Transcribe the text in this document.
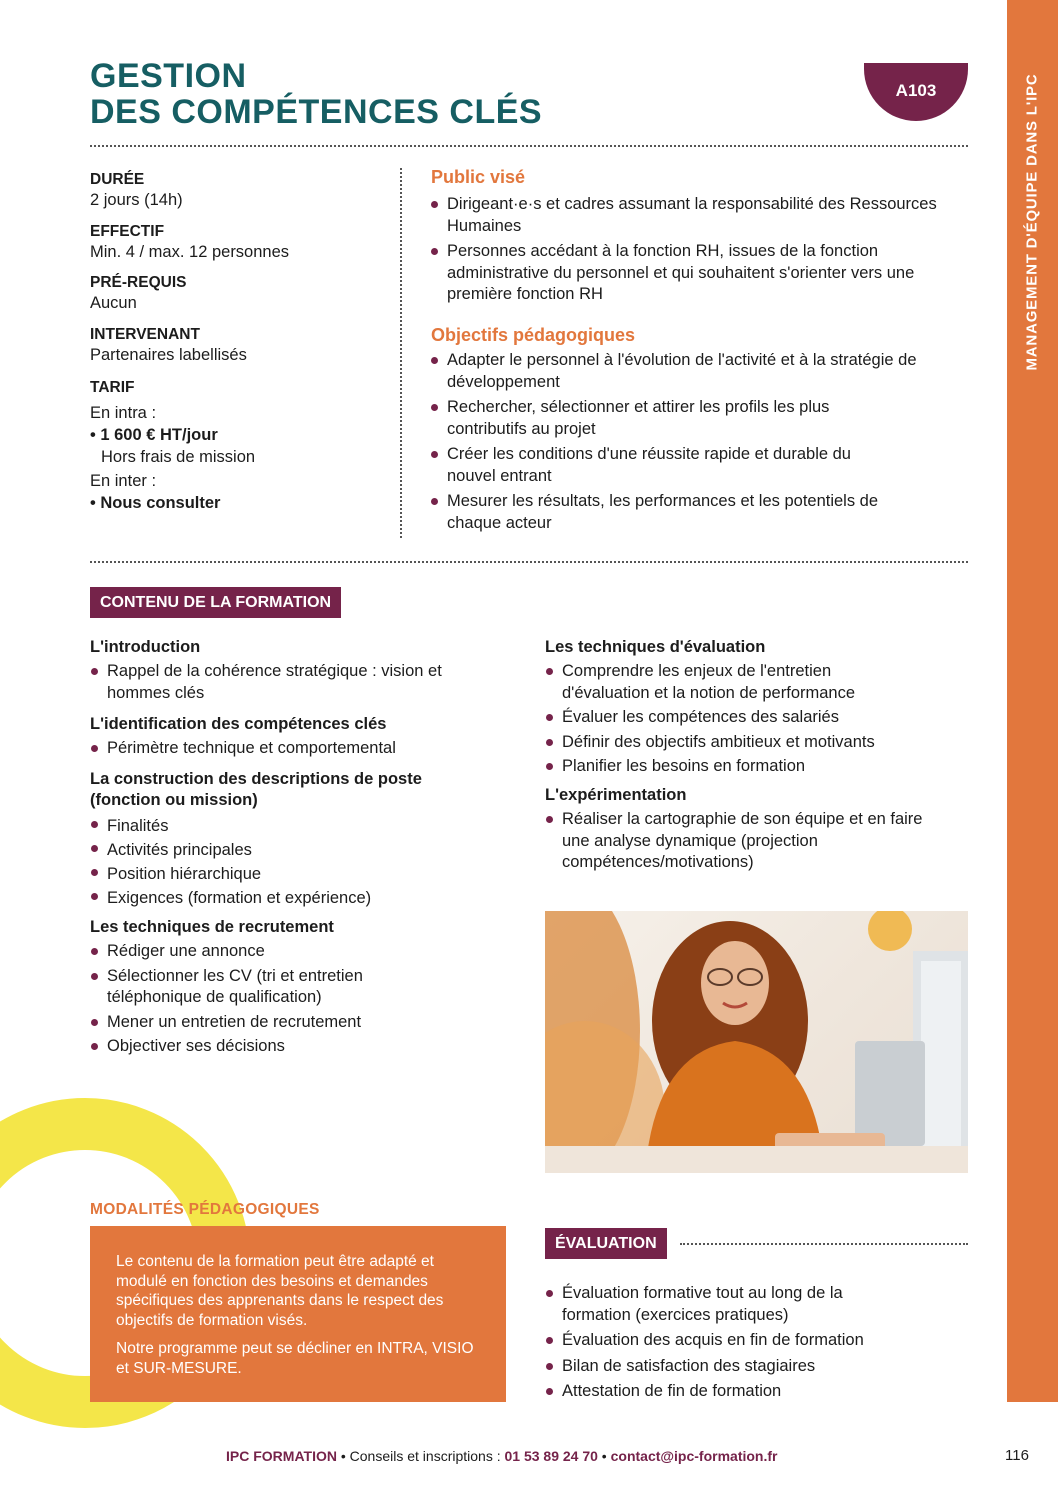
MANAGEMENT D'ÉQUIPE DANS L'IPC
GESTION
DES COMPÉTENCES CLÉS
A103
DURÉE
2 jours (14h)
EFFECTIF
Min. 4 / max. 12 personnes
PRÉ-REQUIS
Aucun
INTERVENANT
Partenaires labellisés
TARIF
En intra :
• 1 600 € HT/jour
Hors frais de mission
En inter :
• Nous consulter
Public visé
Dirigeant·e·s et cadres assumant la responsabilité des Ressources Humaines
Personnes accédant à la fonction RH, issues de la fonction administrative du personnel et qui souhaitent s'orienter vers une première fonction RH
Objectifs pédagogiques
Adapter le personnel à l'évolution de l'activité et à la stratégie de développement
Rechercher, sélectionner et attirer les profils les plus contributifs au projet
Créer les conditions d'une réussite rapide et durable du nouvel entrant
Mesurer les résultats, les performances et les potentiels de chaque acteur
CONTENU DE LA FORMATION
L'introduction
Rappel de la cohérence stratégique : vision et hommes clés
L'identification des compétences clés
Périmètre technique et comportemental
La construction des descriptions de poste (fonction ou mission)
Finalités
Activités principales
Position hiérarchique
Exigences (formation et expérience)
Les techniques de recrutement
Rédiger une annonce
Sélectionner les CV (tri et entretien téléphonique de qualification)
Mener un entretien de recrutement
Objectiver ses décisions
Les techniques d'évaluation
Comprendre les enjeux de l'entretien d'évaluation et la notion de performance
Évaluer les compétences des salariés
Définir des objectifs ambitieux et motivants
Planifier les besoins en formation
L'expérimentation
Réaliser la cartographie de son équipe et en faire une analyse dynamique (projection compétences/motivations)
MODALITÉS PÉDAGOGIQUES

Le contenu de la formation peut être adapté et modulé en fonction des besoins et demandes spécifiques des apprenants dans le respect des objectifs de formation visés.

Notre programme peut se décliner en INTRA, VISIO et SUR-MESURE.

ÉVALUATION
Évaluation formative tout au long de la formation (exercices pratiques)
Évaluation des acquis en fin de formation
Bilan de satisfaction des stagiaires
Attestation de fin de formation
IPC FORMATION • Conseils et inscriptions : 01 53 89 24 70 • contact@ipc-formation.fr	116
